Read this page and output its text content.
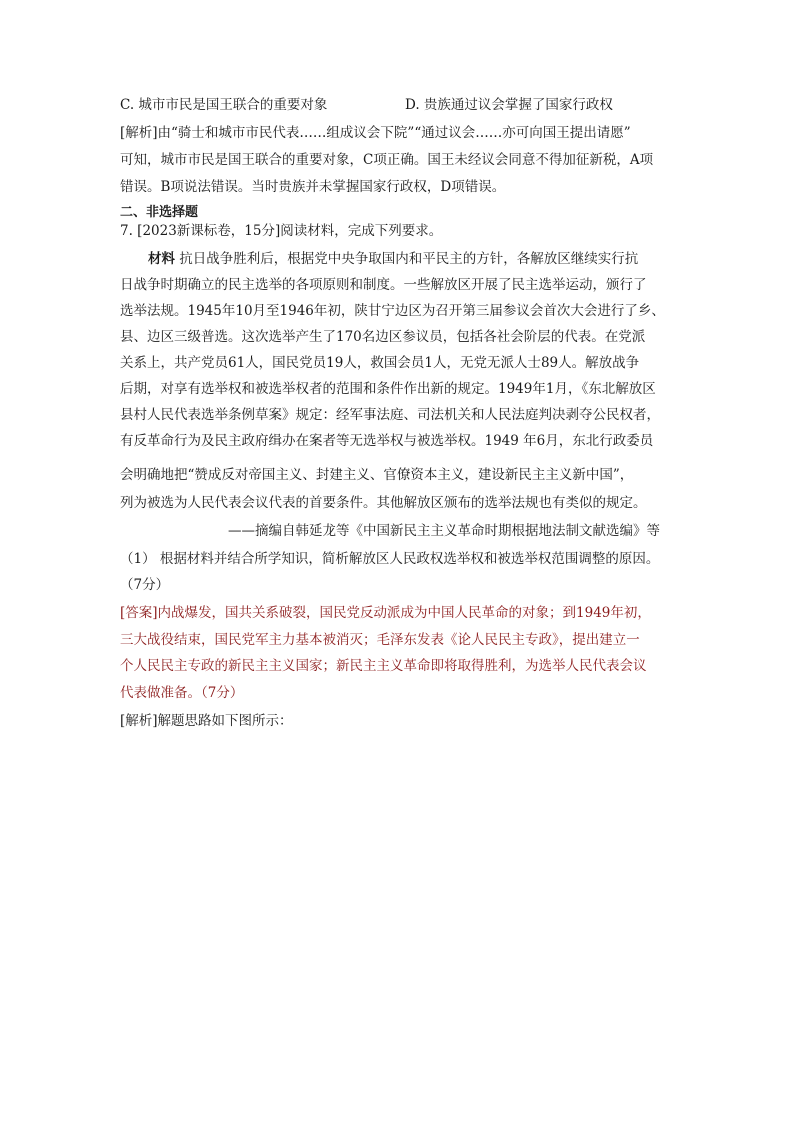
C. 城市市民是国王联合的重要对象	D. 贵族通过议会掌握了国家行政权
[解析]由“骑士和城市市民代表……组成议会下院”“通过议会……亦可向国王提出请愿”
可知，城市市民是国王联合的重要对象，C项正确。国王未经议会同意不得加征新税，A项
错误。B项说法错误。当时贵族并未掌握国家行政权，D项错误。
二、非选择题
7. [2023新课标卷，15分]阅读材料，完成下列要求。
材料 抗日战争胜利后，根据党中央争取国内和平民主的方针，各解放区继续实行抗
日战争时期确立的民主选举的各项原则和制度。一些解放区开展了民主选举运动，颁行了
选举法规。1945年10月至1946年初，陕甘宁边区为召开第三届参议会首次大会进行了乡、
县、边区三级普选。这次选举产生了170名边区参议员，包括各社会阶层的代表。在党派
关系上，共产党员61人，国民党员19人，救国会员1人，无党无派人士89人。解放战争
后期，对享有选举权和被选举权者的范围和条件作出新的规定。1949年1月，《东北解放区
县村人民代表选举条例草案》规定：经军事法庭、司法机关和人民法庭判决剥夺公民权者，
有反革命行为及民主政府缉办在案者等无选举权与被选举权。1949 年6月，东北行政委员
会明确地把“赞成反对帝国主义、封建主义、官僚资本主义，建设新民主主义新中国”，
列为被选为人民代表会议代表的首要条件。其他解放区颁布的选举法规也有类似的规定。
——摘编自韩延龙等《中国新民主主义革命时期根据地法制文献选编》等
（1） 根据材料并结合所学知识，简析解放区人民政权选举权和被选举权范围调整的原因。
（7分）
[答案]内战爆发，国共关系破裂，国民党反动派成为中国人民革命的对象；到1949年初，
三大战役结束，国民党军主力基本被消灭；毛泽东发表《论人民民主专政》，提出建立一
个人民民主专政的新民主主义国家；新民主主义革命即将取得胜利，为选举人民代表会议
代表做准备。（7分）
[解析]解题思路如下图所示：
